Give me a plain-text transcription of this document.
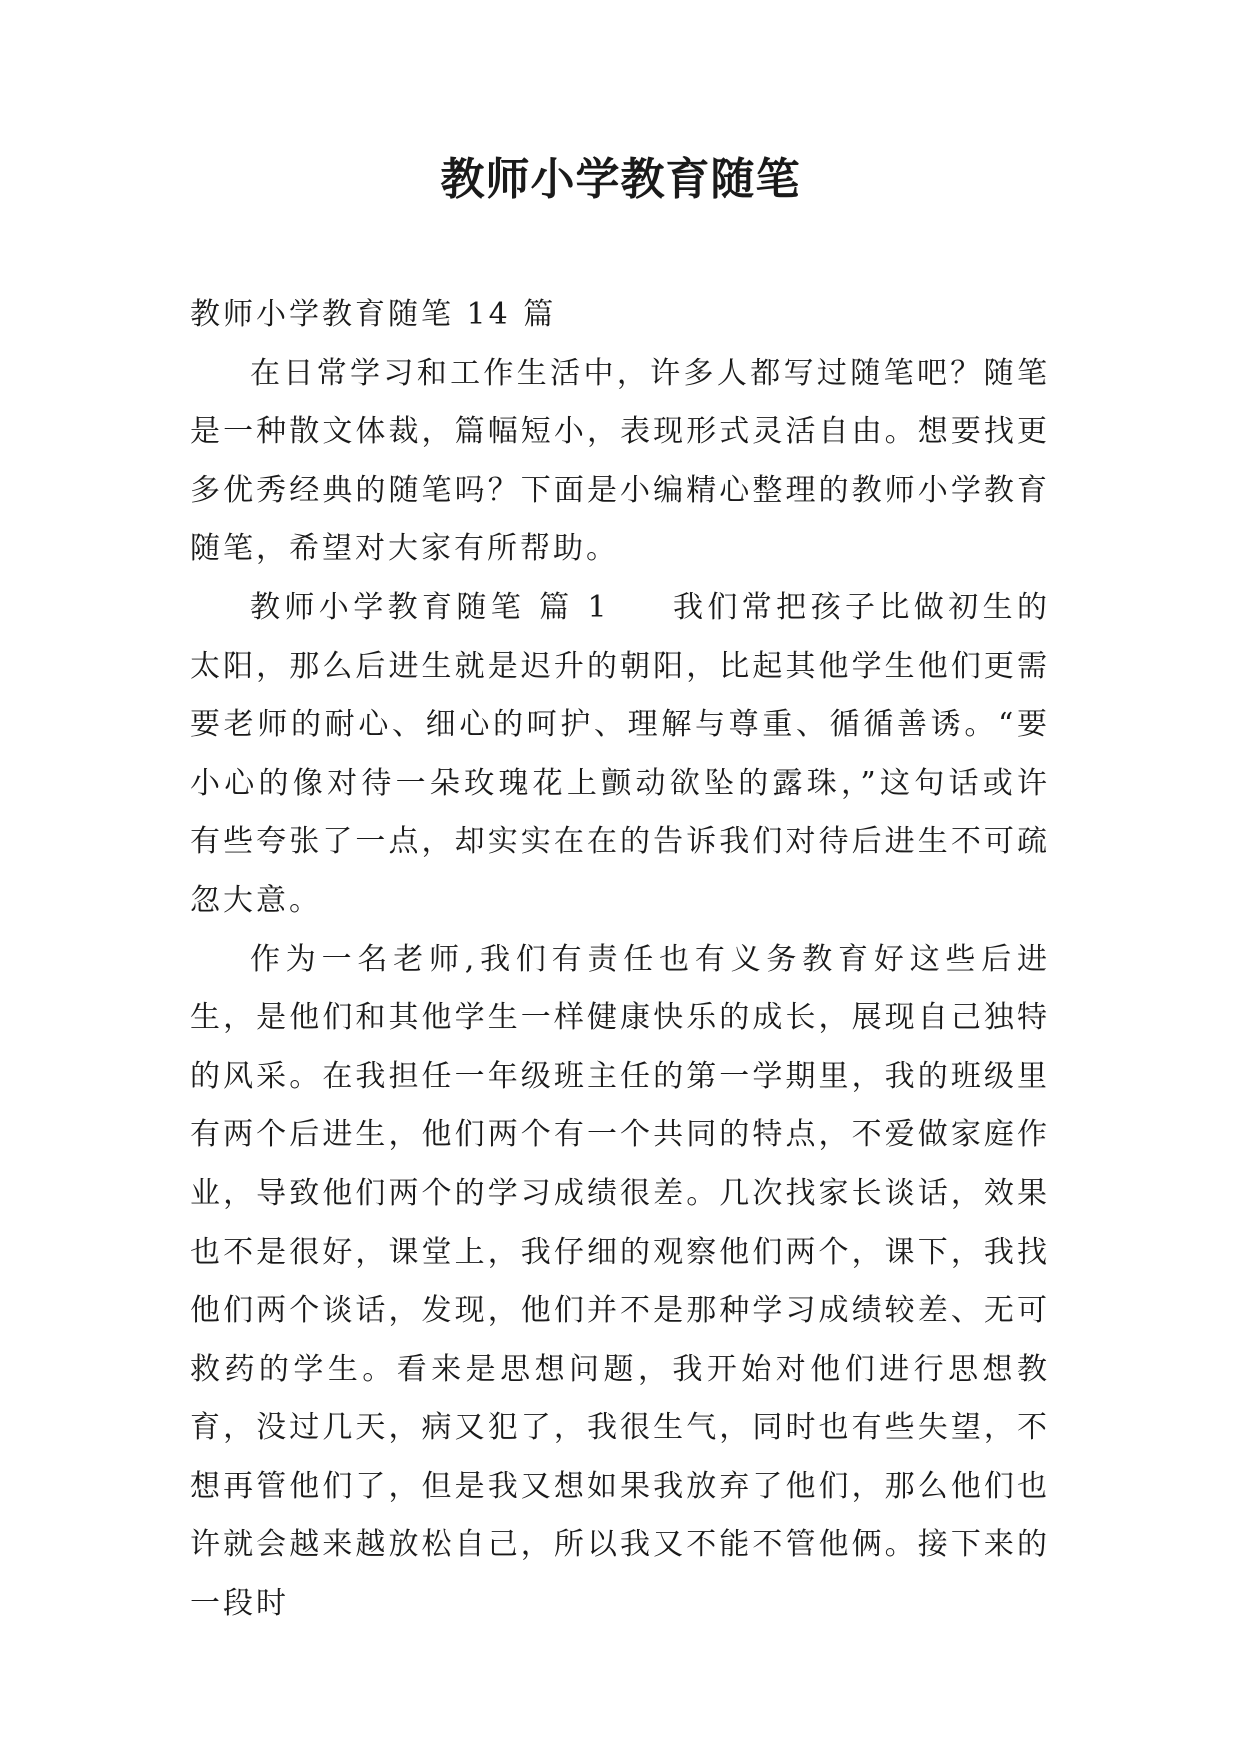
教师小学教育随笔

教师小学教育随笔 14 篇

在日常学习和工作生活中，许多人都写过随笔吧？随笔是一种散文体裁，篇幅短小，表现形式灵活自由。想要找更多优秀经典的随笔吗？下面是小编精心整理的教师小学教育随笔，希望对大家有所帮助。

教师小学教育随笔 篇 1 我们常把孩子比做初生的太阳，那么后进生就是迟升的朝阳，比起其他学生他们更需要老师的耐心、细心的呵护、理解与尊重、循循善诱。“要小心的像对待一朵玫瑰花上颤动欲坠的露珠，”这句话或许有些夸张了一点，却实实在在的告诉我们对待后进生不可疏忽大意。

作为一名老师,我们有责任也有义务教育好这些后进生，是他们和其他学生一样健康快乐的成长，展现自己独特的风采。在我担任一年级班主任的第一学期里，我的班级里有两个后进生，他们两个有一个共同的特点，不爱做家庭作业，导致他们两个的学习成绩很差。几次找家长谈话，效果也不是很好，课堂上，我仔细的观察他们两个，课下，我找他们两个谈话，发现，他们并不是那种学习成绩较差、无可救药的学生。看来是思想问题，我开始对他们进行思想教育，没过几天，病又犯了，我很生气，同时也有些失望，不想再管他们了，但是我又想如果我放弃了他们，那么他们也许就会越来越放松自己，所以我又不能不管他俩。接下来的一段时
